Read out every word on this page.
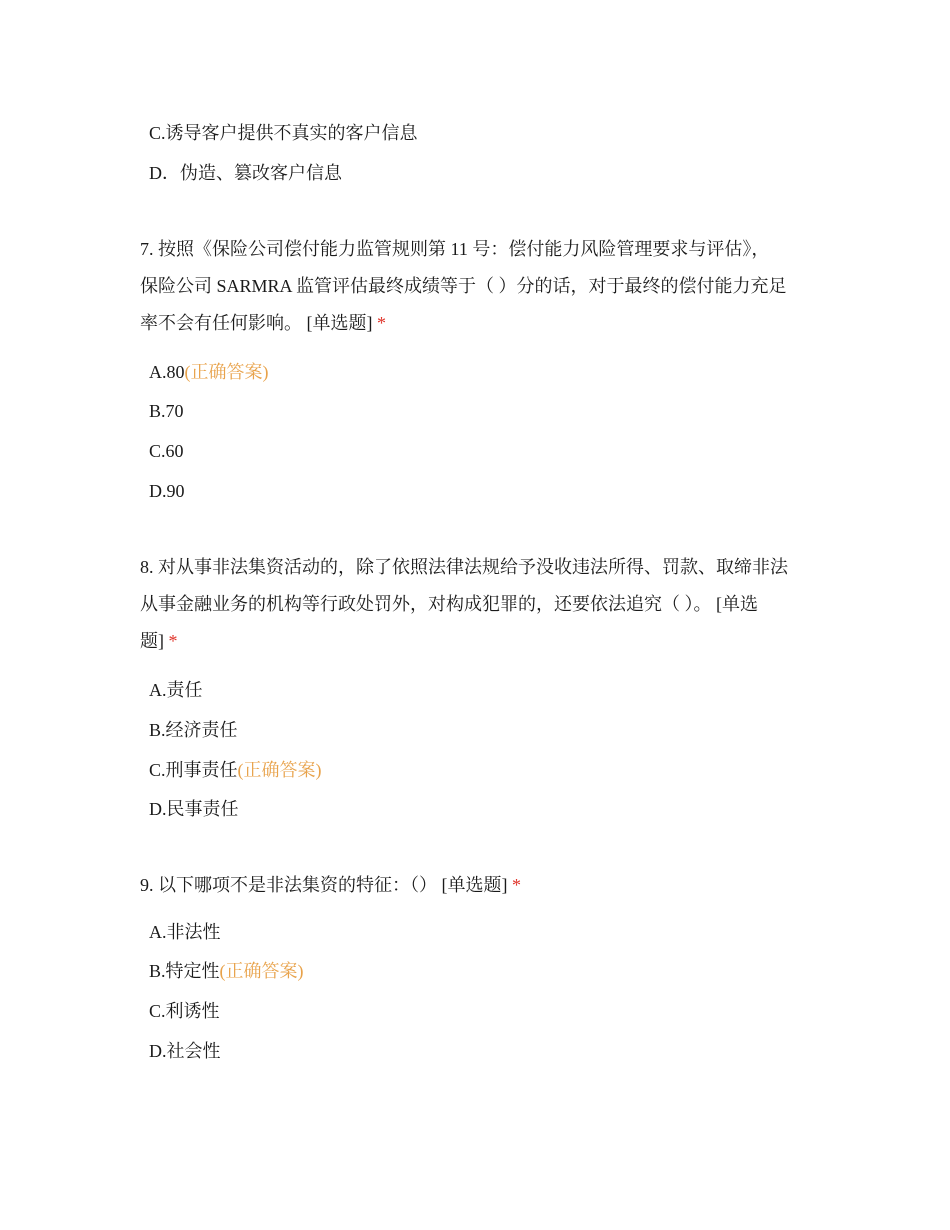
C.诱导客户提供不真实的客户信息
D．伪造、篡改客户信息
7. 按照《保险公司偿付能力监管规则第 11 号：偿付能力风险管理要求与评估》，
保险公司 SARMRA 监管评估最终成绩等于（ ）分的话，对于最终的偿付能力充足
率不会有任何影响。 [单选题] *
A.80(正确答案)
B.70
C.60
D.90
8. 对从事非法集资活动的，除了依照法律法规给予没收违法所得、罚款、取缔非法
从事金融业务的机构等行政处罚外，对构成犯罪的，还要依法追究（ ）。 [单选
题] *
A.责任
B.经济责任
C.刑事责任(正确答案)
D.民事责任
9. 以下哪项不是非法集资的特征：（） [单选题] *
A.非法性
B.特定性(正确答案)
C.利诱性
D.社会性
